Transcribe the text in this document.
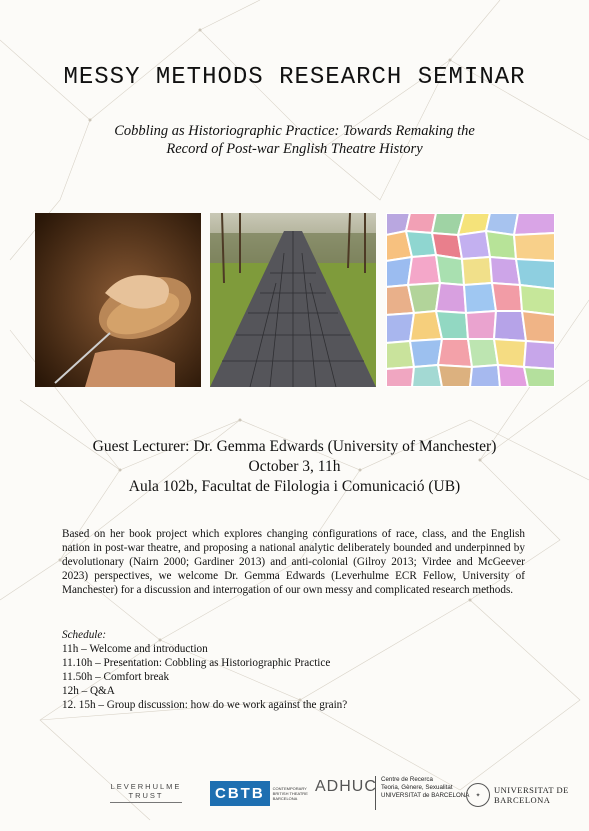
MESSY METHODS RESEARCH SEMINAR
Cobbling as Historiographic Practice: Towards Remaking the
Record of Post-war English Theatre History
Guest Lecturer: Dr. Gemma Edwards (University of Manchester)
October 3, 11h
Aula 102b, Facultat de Filologia i Comunicació (UB)
Based on her book project which explores changing configurations of race, class, and the English nation in post-war theatre, and proposing a national analytic deliberately bounded and underpinned by devolutionary (Nairn 2000; Gardiner 2013) and anti-colonial (Gilroy 2013; Virdee and McGeever 2023) perspectives, we welcome Dr. Gemma Edwards (Leverhulme ECR Fellow, University of Manchester) for a discussion and interrogation of our own messy and complicated research methods.
Schedule:
11h – Welcome and introduction
11.10h – Presentation: Cobbling as Historiographic Practice
11.50h – Comfort break
12h – Q&A
12. 15h – Group discussion: how do we work against the grain?
LEVERHULME
TRUST	CBTB	CONTEMPORARY BRITISH THEATRE BARCELONA
ADHUC Centre de Recerca
Teoria, Gènere, Sexualitat
UNIVERSITAT de BARCELONA	✦
UNIVERSITAT DE
BARCELONA
